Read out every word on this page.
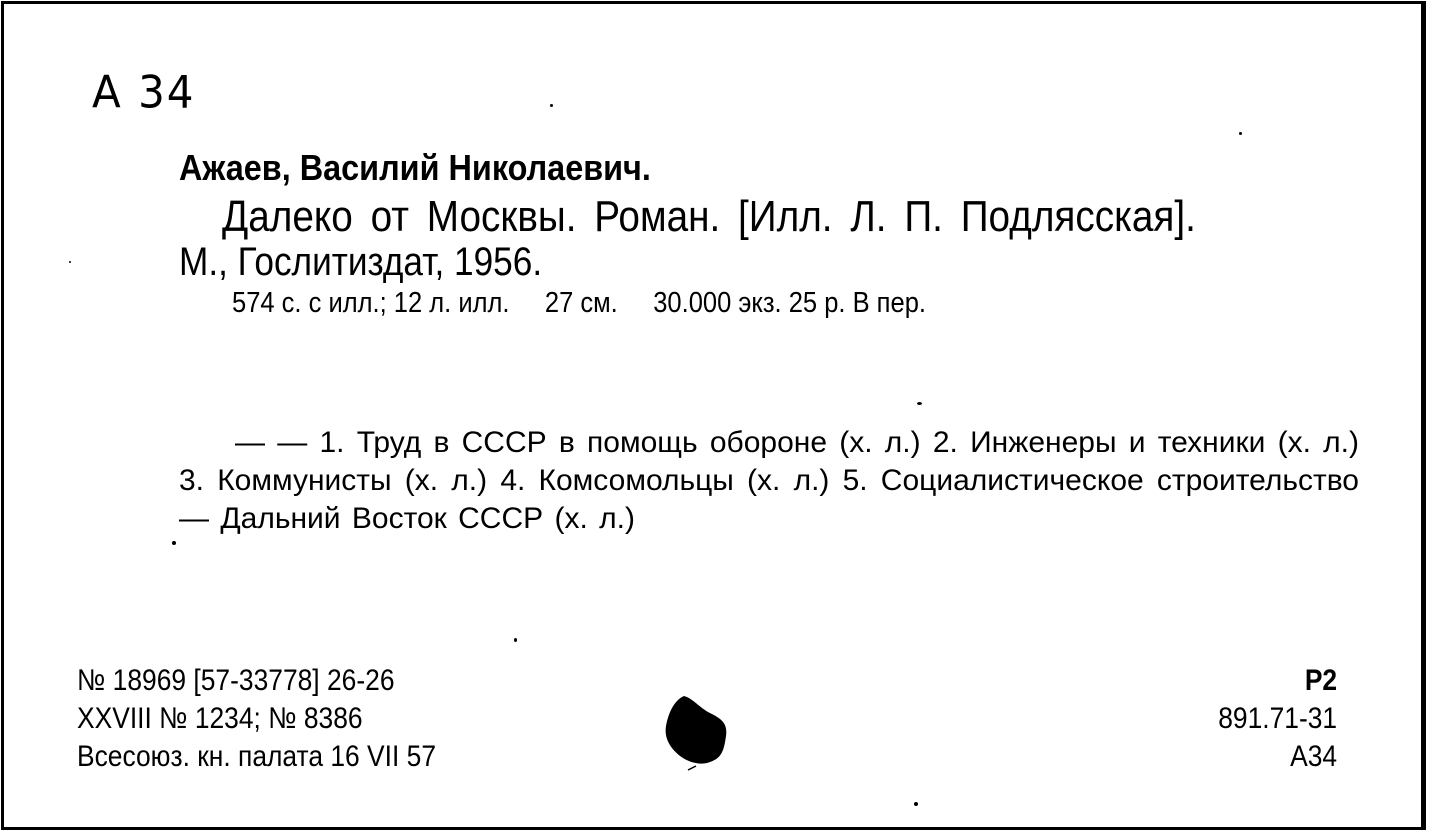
А 34
Ажаев, Василий Николаевич.
Далеко от Москвы. Роман. [Илл. Л. П. Подлясская].
М., Гослитиздат, 1956.
574 с. с илл.; 12 л. илл.     27 см.     30.000 экз. 25 р. В пер.
— — 1. Труд в СССР в помощь обороне (х. л.) 2. Инженеры и техники (х. л.) 3. Коммунисты (х. л.) 4. Комсомольцы (х. л.) 5. Социалистическое строительство — Дальний Восток СССР (х. л.)
№ 18969 [57-33778] 26-26
XXVIII № 1234; № 8386
Всесоюз. кн. палата 16 VII 57
Р2
891.71-31
А34
